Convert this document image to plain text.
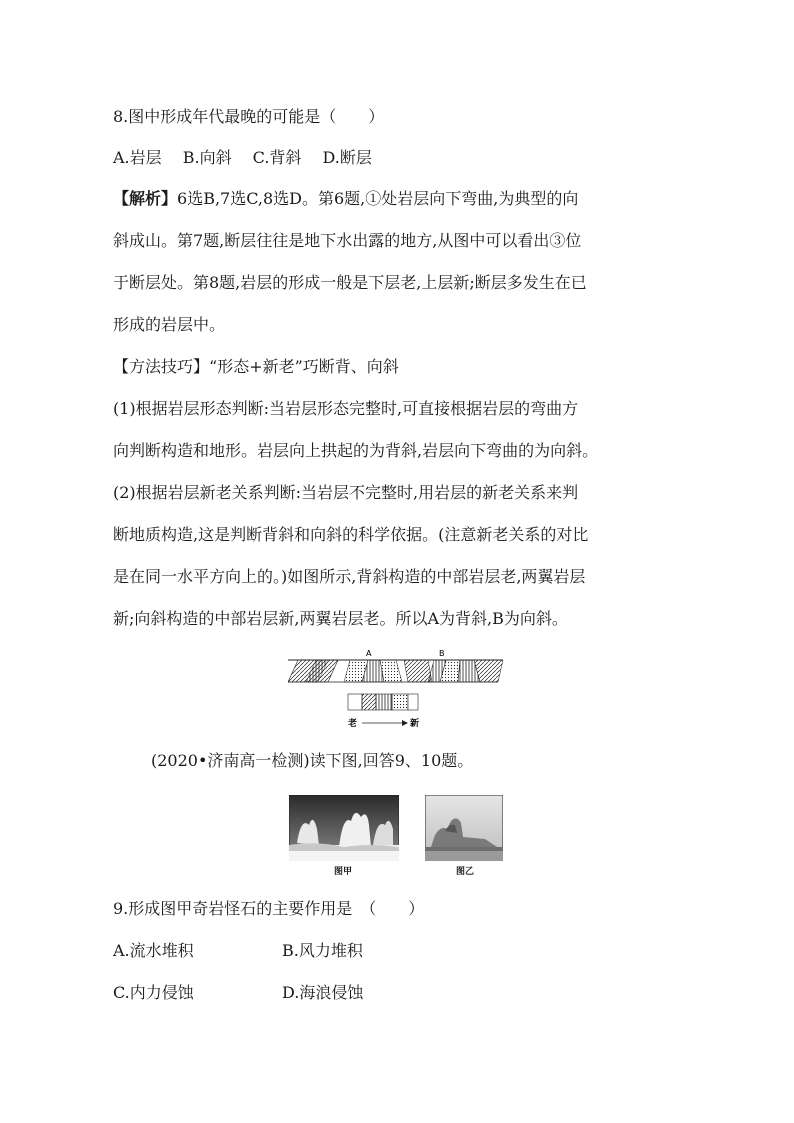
8.图中形成年代最晚的可能是（　　）
A.岩层　 B.向斜　 C.背斜　 D.断层
【解析】6选B,7选C,8选D。第6题,①处岩层向下弯曲,为典型的向
斜成山。第7题,断层往往是地下水出露的地方,从图中可以看出③位
于断层处。第8题,岩层的形成一般是下层老,上层新;断层多发生在已
形成的岩层中。
【方法技巧】“形态+新老”巧断背、向斜
(1)根据岩层形态判断:当岩层形态完整时,可直接根据岩层的弯曲方
向判断构造和地形。岩层向上拱起的为背斜,岩层向下弯曲的为向斜。
(2)根据岩层新老关系判断:当岩层不完整时,用岩层的新老关系来判
断地质构造,这是判断背斜和向斜的科学依据。(注意新老关系的对比
是在同一水平方向上的。)如图所示,背斜构造的中部岩层老,两翼岩层
新;向斜构造的中部岩层新,两翼岩层老。所以A为背斜,B为向斜。
A	B
老	新
(2020•济南高一检测)读下图,回答9、10题。
图甲	图乙
9.形成图甲奇岩怪石的主要作用是　（　　）
A.流水堆积	B.风力堆积
C.内力侵蚀	D.海浪侵蚀
